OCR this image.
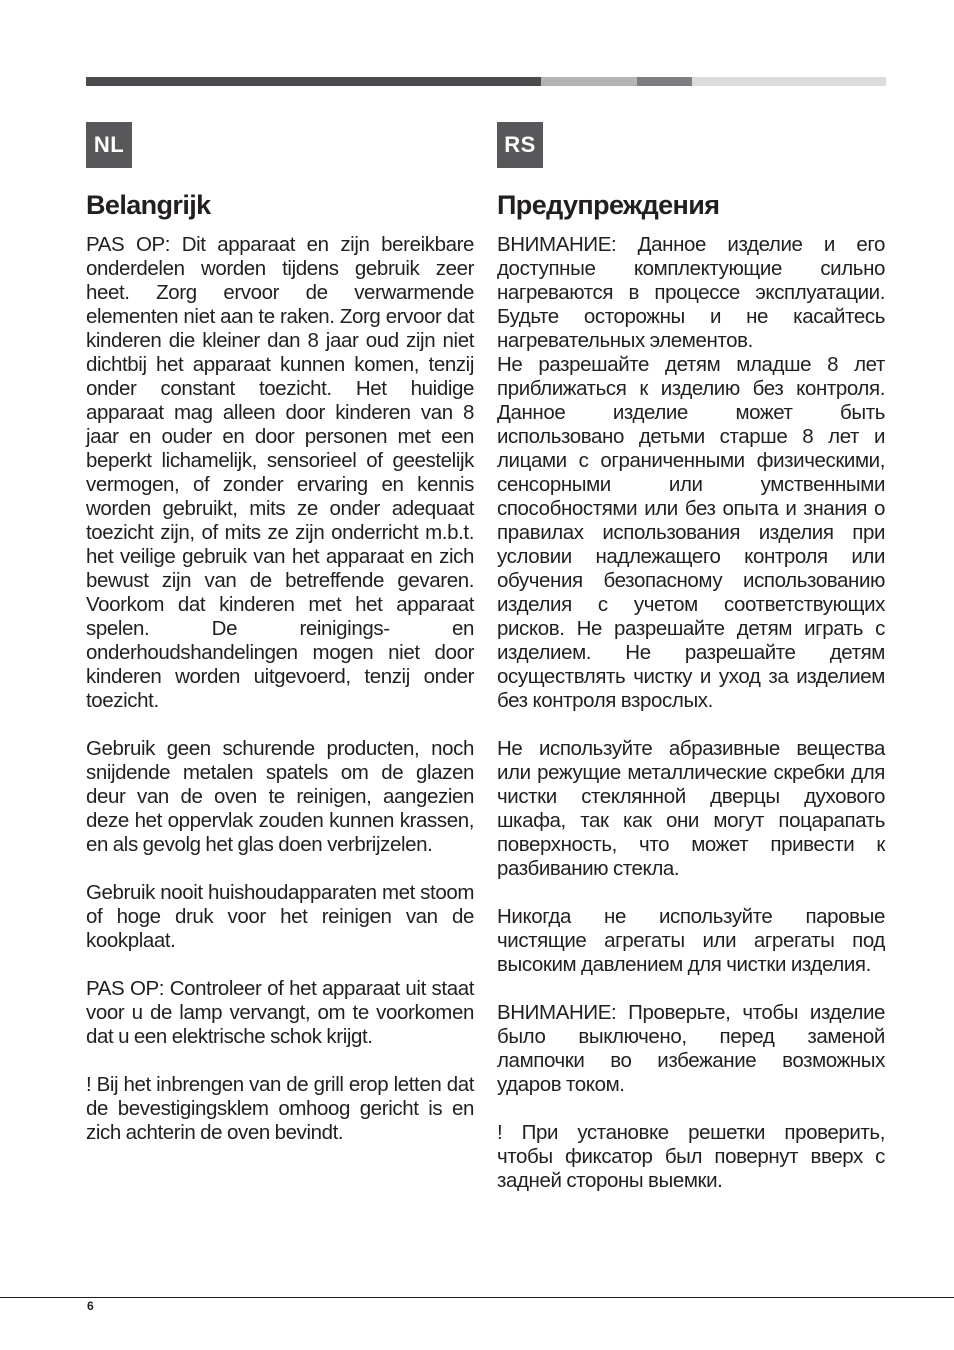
NL
Belangrijk

PAS OP: Dit apparaat en zijn bereikbare onderdelen worden tijdens gebruik zeer heet. Zorg ervoor de verwarmende elementen niet aan te raken. Zorg ervoor dat kinderen die kleiner dan 8 jaar oud zijn niet dichtbij het apparaat kunnen komen, tenzij onder constant toezicht. Het huidige apparaat mag alleen door kinderen van 8 jaar en ouder en door personen met een beperkt lichamelijk, sensorieel of geestelijk vermogen, of zonder ervaring en kennis worden gebruikt, mits ze onder adequaat toezicht zijn, of mits ze zijn onderricht m.b.t. het veilige gebruik van het apparaat en zich bewust zijn van de betreffende gevaren. Voorkom dat kinderen met het apparaat spelen. De reinigings- en onderhoudshandelingen mogen niet door kinderen worden uitgevoerd, tenzij onder toezicht.

Gebruik geen schurende producten, noch snijdende metalen spatels om de glazen deur van de oven te reinigen, aangezien deze het oppervlak zouden kunnen krassen, en als gevolg het glas doen verbrijzelen.

Gebruik nooit huishoudapparaten met stoom of hoge druk voor het reinigen van de kookplaat.

PAS OP: Controleer of het apparaat uit staat voor u de lamp vervangt, om te voorkomen dat u een elektrische schok krijgt.

! Bij het inbrengen van de grill erop letten dat de bevestigingsklem omhoog gericht is en zich achterin de oven bevindt.

RS
Предупреждения

ВНИМАНИЕ: Данное изделие и его доступные комплектующие сильно нагреваются в процессе эксплуатации. Будьте осторожны и не касайтесь нагревательных элементов.

Не разрешайте детям младше 8 лет приближаться к изделию без контроля. Данное изделие может быть использовано детьми старше 8 лет и лицами с ограниченными физическими, сенсорными или умственными способностями или без опыта и знания о правилах использования изделия при условии надлежащего контроля или обучения безопасному использованию изделия с учетом соответствующих рисков. Не разрешайте детям играть с изделием. Не разрешайте детям осуществлять чистку и уход за изделием без контроля взрослых.

Не используйте абразивные вещества или режущие металлические скребки для чистки стеклянной дверцы духового шкафа, так как они могут поцарапать поверхность, что может привести к разбиванию стекла.

Никогда не используйте паровые чистящие агрегаты или агрегаты под высоким давлением для чистки изделия.

ВНИМАНИЕ: Проверьте, чтобы изделие было выключено, перед заменой лампочки во избежание возможных ударов током.

! При установке решетки проверить, чтобы фиксатор был повернут вверх с задней стороны выемки.

6
